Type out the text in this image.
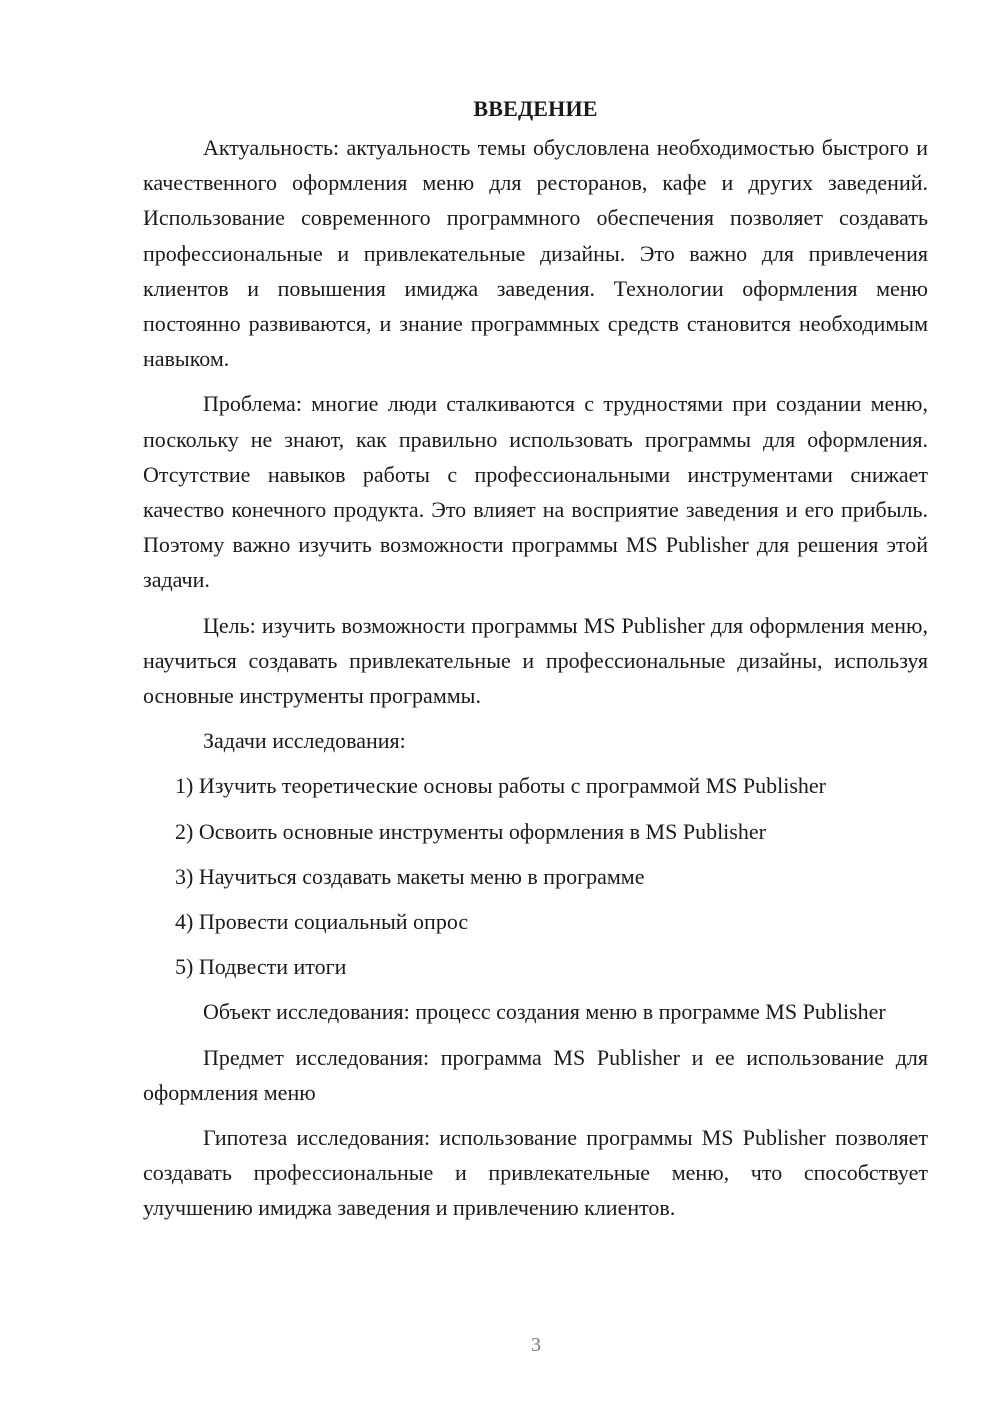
ВВЕДЕНИЕ

Актуальность: актуальность темы обусловлена необходимостью быстрого и качественного оформления меню для ресторанов, кафе и других заведений. Использование современного программного обеспечения позволяет создавать профессиональные и привлекательные дизайны. Это важно для привлечения клиентов и повышения имиджа заведения. Технологии оформления меню постоянно развиваются, и знание программных средств становится необходимым навыком.

Проблема: многие люди сталкиваются с трудностями при создании меню, поскольку не знают, как правильно использовать программы для оформления. Отсутствие навыков работы с профессиональными инструментами снижает качество конечного продукта. Это влияет на восприятие заведения и его прибыль. Поэтому важно изучить возможности программы MS Publisher для решения этой задачи.

Цель: изучить возможности программы MS Publisher для оформления меню, научиться создавать привлекательные и профессиональные дизайны, используя основные инструменты программы.

Задачи исследования:

1) Изучить теоретические основы работы с программой MS Publisher
2) Освоить основные инструменты оформления в MS Publisher
3) Научиться создавать макеты меню в программе
4) Провести социальный опрос
5) Подвести итоги

Объект исследования: процесс создания меню в программе MS Publisher

Предмет исследования: программа MS Publisher и ее использование для оформления меню

Гипотеза исследования: использование программы MS Publisher позволяет создавать профессиональные и привлекательные меню, что способствует улучшению имиджа заведения и привлечению клиентов.

3
